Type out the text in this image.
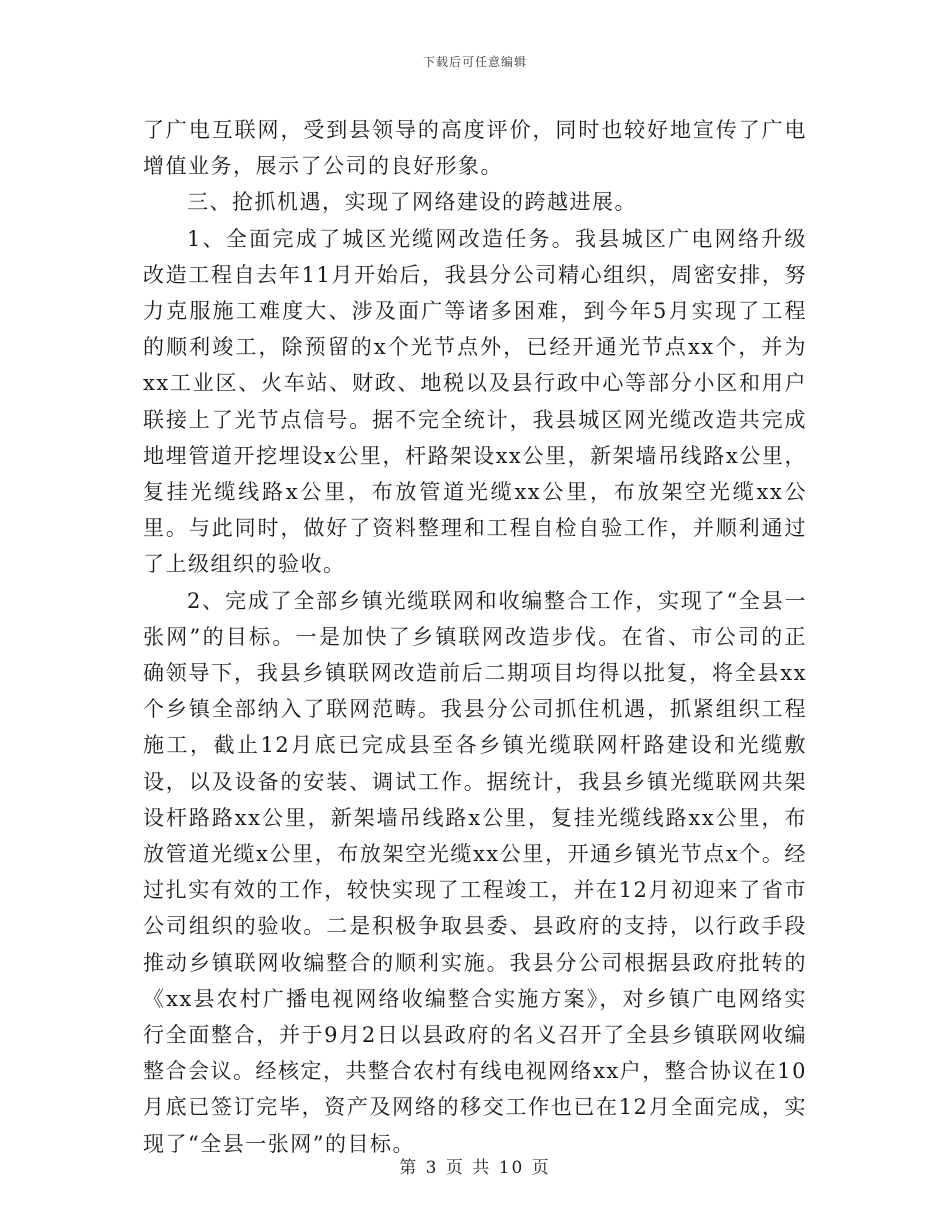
下载后可任意编辑

了广电互联网，受到县领导的高度评价，同时也较好地宣传了广电增值业务，展示了公司的良好形象。

三、抢抓机遇，实现了网络建设的跨越进展。

1、全面完成了城区光缆网改造任务。我县城区广电网络升级改造工程自去年11月开始后，我县分公司精心组织，周密安排，努力克服施工难度大、涉及面广等诸多困难，到今年5月实现了工程的顺利竣工，除预留的x个光节点外，已经开通光节点xx个，并为xx工业区、火车站、财政、地税以及县行政中心等部分小区和用户联接上了光节点信号。据不完全统计，我县城区网光缆改造共完成地埋管道开挖埋设x公里，杆路架设xx公里，新架墙吊线路x公里，复挂光缆线路x公里，布放管道光缆xx公里，布放架空光缆xx公里。与此同时，做好了资料整理和工程自检自验工作，并顺利通过了上级组织的验收。

2、完成了全部乡镇光缆联网和收编整合工作，实现了“全县一张网”的目标。一是加快了乡镇联网改造步伐。在省、市公司的正确领导下，我县乡镇联网改造前后二期项目均得以批复，将全县xx个乡镇全部纳入了联网范畴。我县分公司抓住机遇，抓紧组织工程施工，截止12月底已完成县至各乡镇光缆联网杆路建设和光缆敷设，以及设备的安装、调试工作。据统计，我县乡镇光缆联网共架设杆路路xx公里，新架墙吊线路x公里，复挂光缆线路xx公里，布放管道光缆x公里，布放架空光缆xx公里，开通乡镇光节点x个。经过扎实有效的工作，较快实现了工程竣工，并在12月初迎来了省市公司组织的验收。二是积极争取县委、县政府的支持，以行政手段推动乡镇联网收编整合的顺利实施。我县分公司根据县政府批转的《xx县农村广播电视网络收编整合实施方案》，对乡镇广电网络实行全面整合，并于9月2日以县政府的名义召开了全县乡镇联网收编整合会议。经核定，共整合农村有线电视网络xx户，整合协议在10月底已签订完毕，资产及网络的移交工作也已在12月全面完成，实现了“全县一张网”的目标。

第 3 页 共 10 页
